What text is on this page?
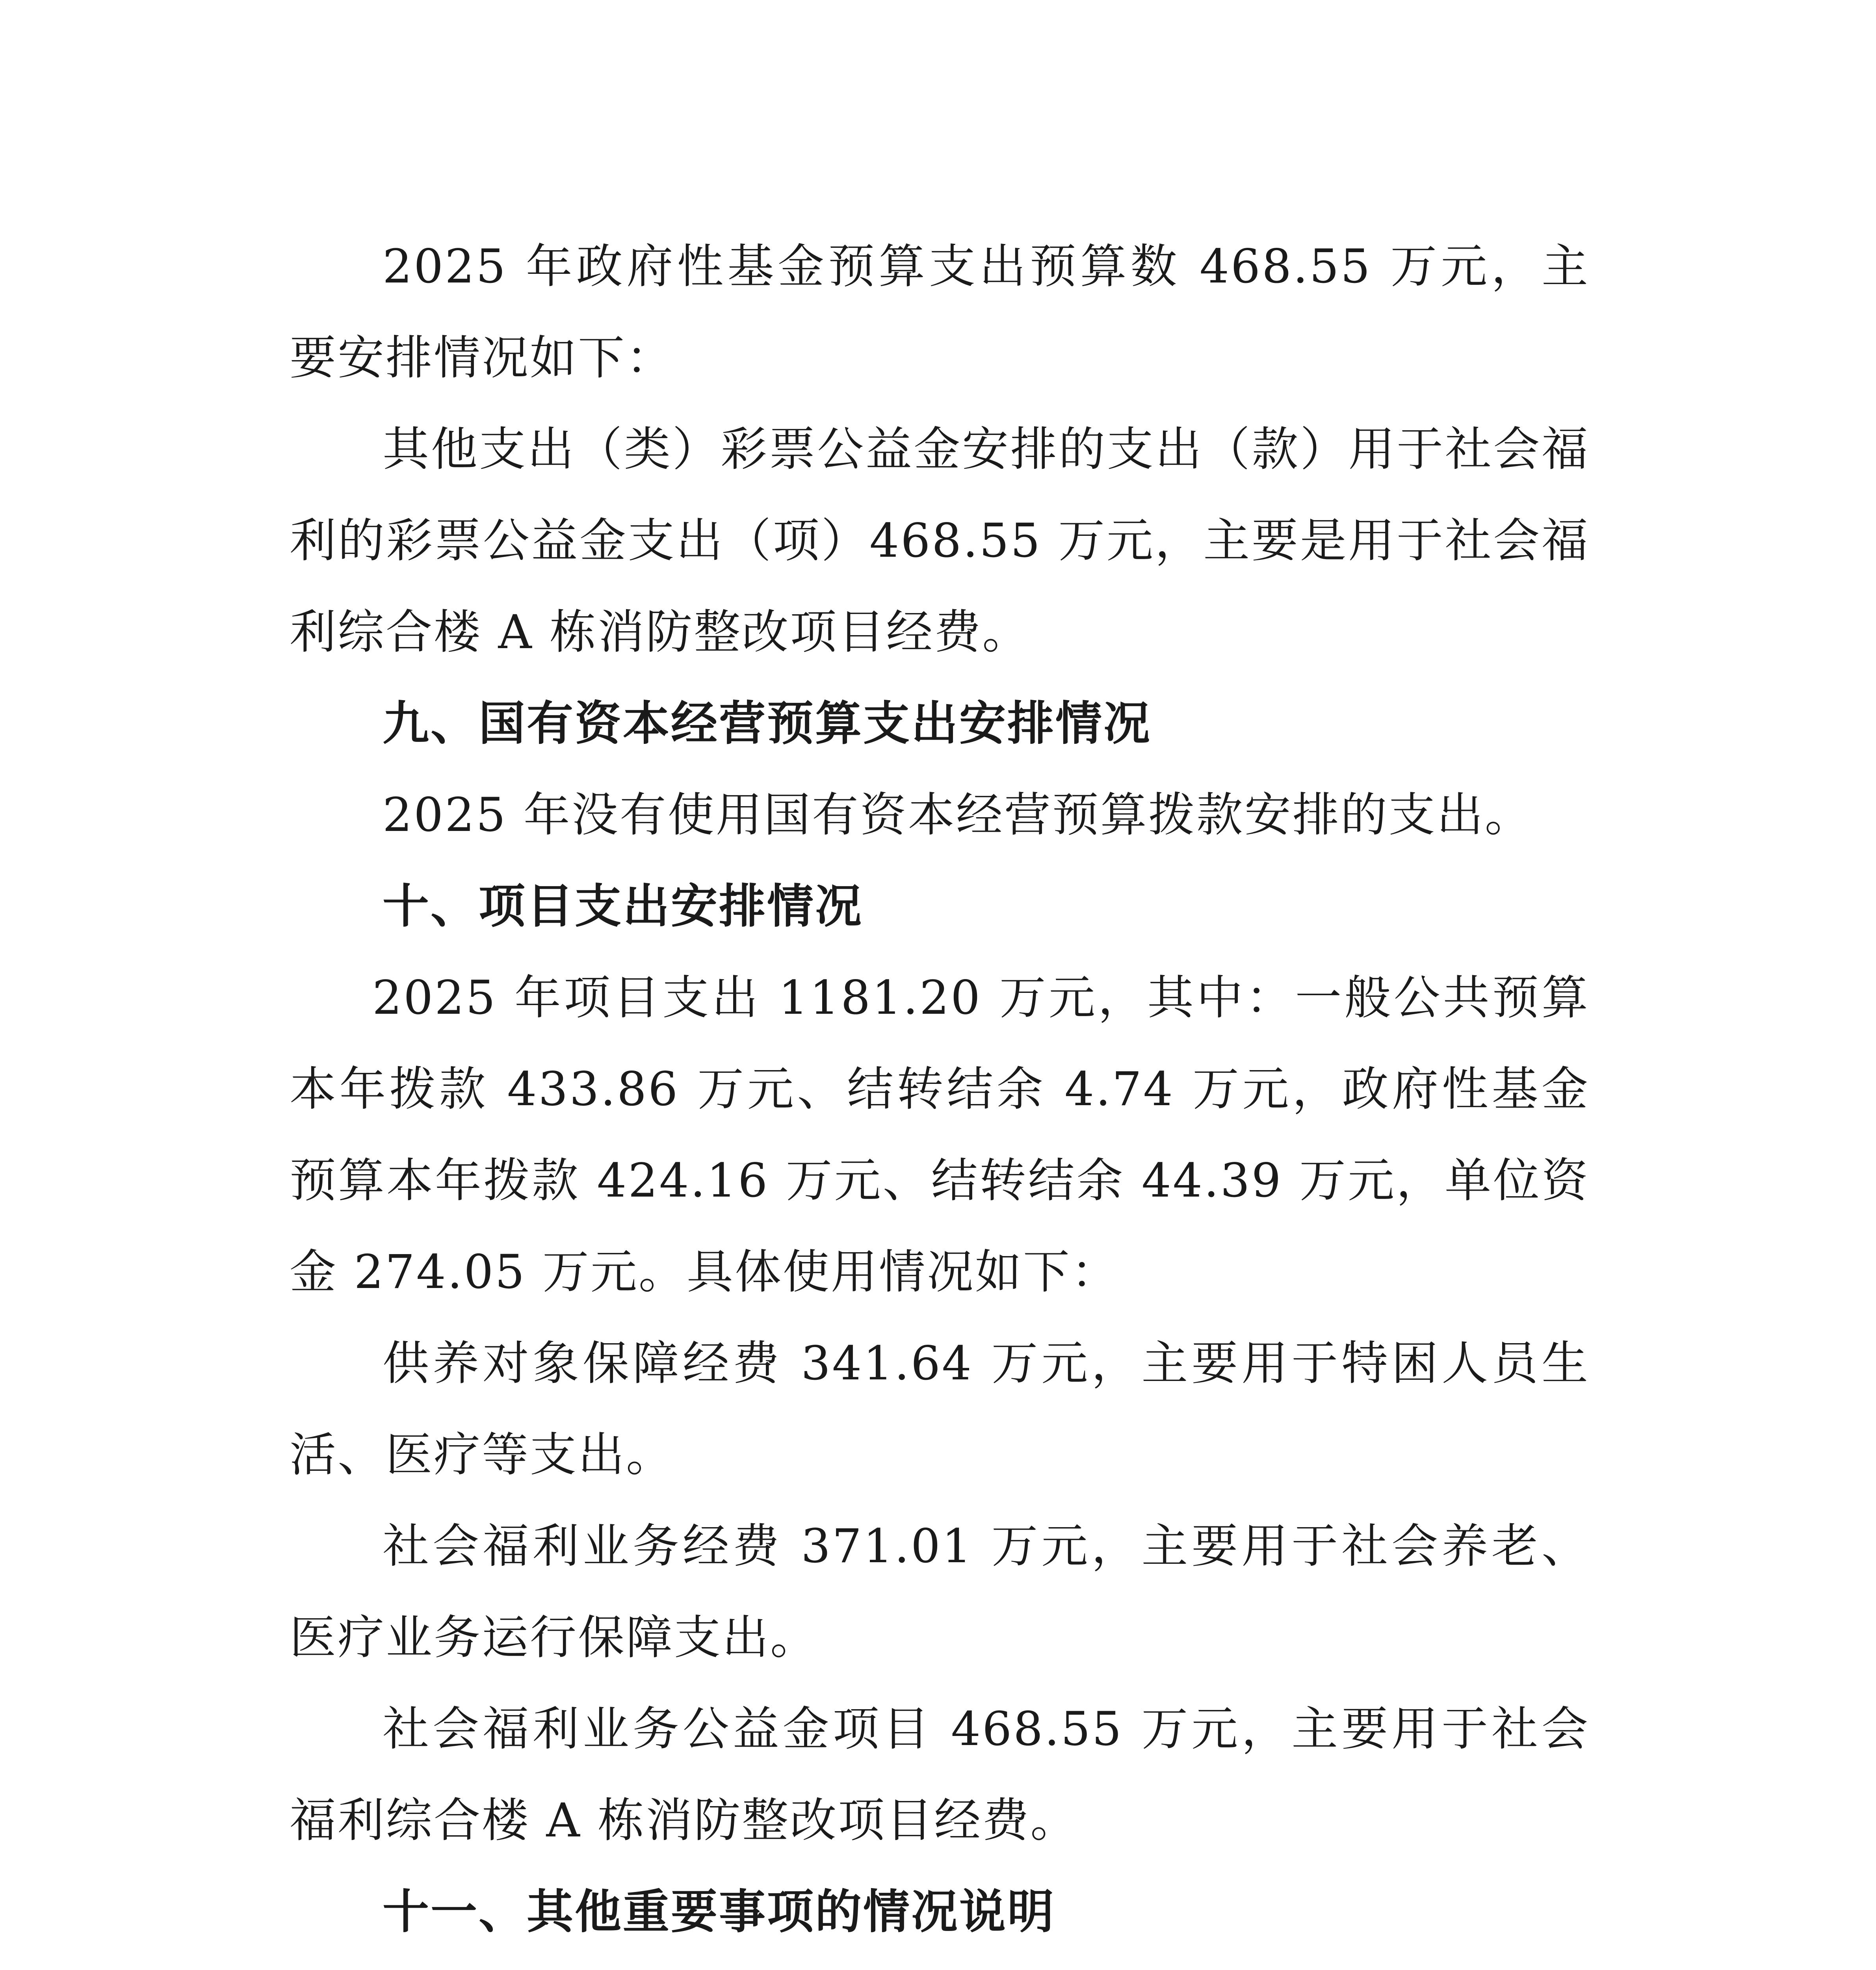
2025 年政府性基金预算支出预算数 468.55 万元，主要安排情况如下：

其他支出（类）彩票公益金安排的支出（款）用于社会福利的彩票公益金支出（项）468.55 万元，主要是用于社会福利综合楼 A 栋消防整改项目经费。

九、国有资本经营预算支出安排情况

2025 年没有使用国有资本经营预算拨款安排的支出。

十、项目支出安排情况

2025 年项目支出 1181.20 万元，其中：一般公共预算本年拨款 433.86 万元、结转结余 4.74 万元，政府性基金预算本年拨款 424.16 万元、结转结余 44.39 万元，单位资金 274.05 万元。具体使用情况如下：

供养对象保障经费 341.64 万元，主要用于特困人员生活、医疗等支出。

社会福利业务经费 371.01 万元，主要用于社会养老、医疗业务运行保障支出。

社会福利业务公益金项目 468.55 万元，主要用于社会福利综合楼 A 栋消防整改项目经费。

十一、其他重要事项的情况说明
